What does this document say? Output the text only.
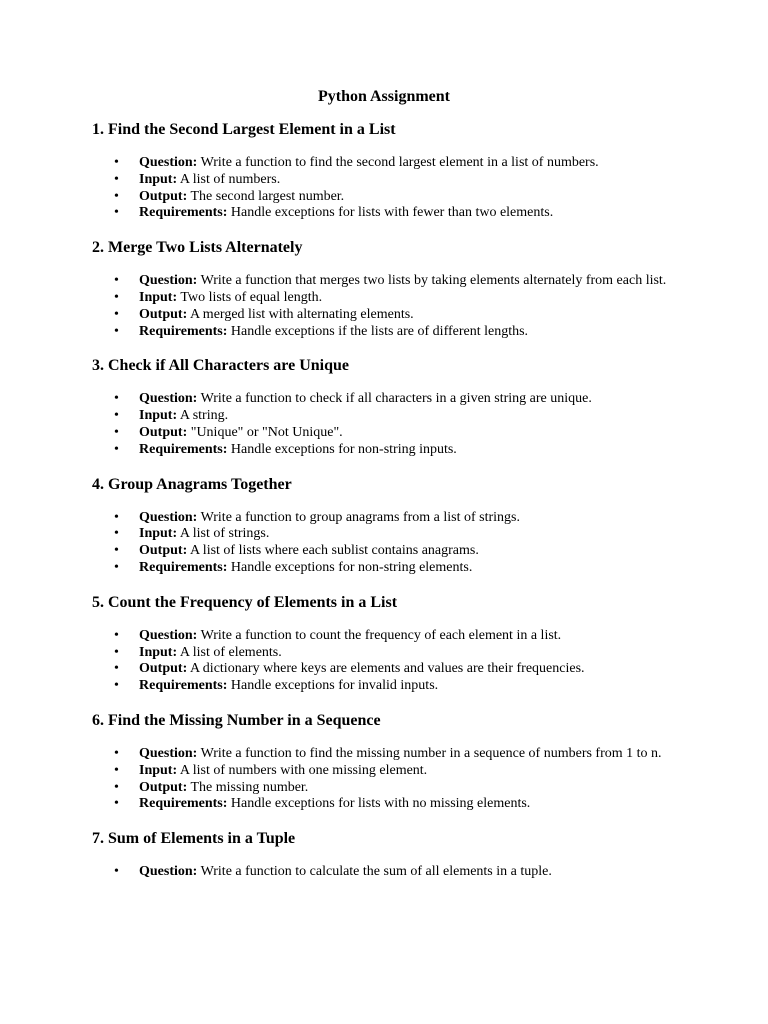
Python Assignment
1. Find the Second Largest Element in a List
• Question: Write a function to find the second largest element in a list of numbers.
• Input: A list of numbers.
• Output: The second largest number.
• Requirements: Handle exceptions for lists with fewer than two elements.
2. Merge Two Lists Alternately
• Question: Write a function that merges two lists by taking elements alternately from each list.
• Input: Two lists of equal length.
• Output: A merged list with alternating elements.
• Requirements: Handle exceptions if the lists are of different lengths.
3. Check if All Characters are Unique
• Question: Write a function to check if all characters in a given string are unique.
• Input: A string.
• Output: "Unique" or "Not Unique".
• Requirements: Handle exceptions for non-string inputs.
4. Group Anagrams Together
• Question: Write a function to group anagrams from a list of strings.
• Input: A list of strings.
• Output: A list of lists where each sublist contains anagrams.
• Requirements: Handle exceptions for non-string elements.
5. Count the Frequency of Elements in a List
• Question: Write a function to count the frequency of each element in a list.
• Input: A list of elements.
• Output: A dictionary where keys are elements and values are their frequencies.
• Requirements: Handle exceptions for invalid inputs.
6. Find the Missing Number in a Sequence
• Question: Write a function to find the missing number in a sequence of numbers from 1 to n.
• Input: A list of numbers with one missing element.
• Output: The missing number.
• Requirements: Handle exceptions for lists with no missing elements.
7. Sum of Elements in a Tuple
• Question: Write a function to calculate the sum of all elements in a tuple.
